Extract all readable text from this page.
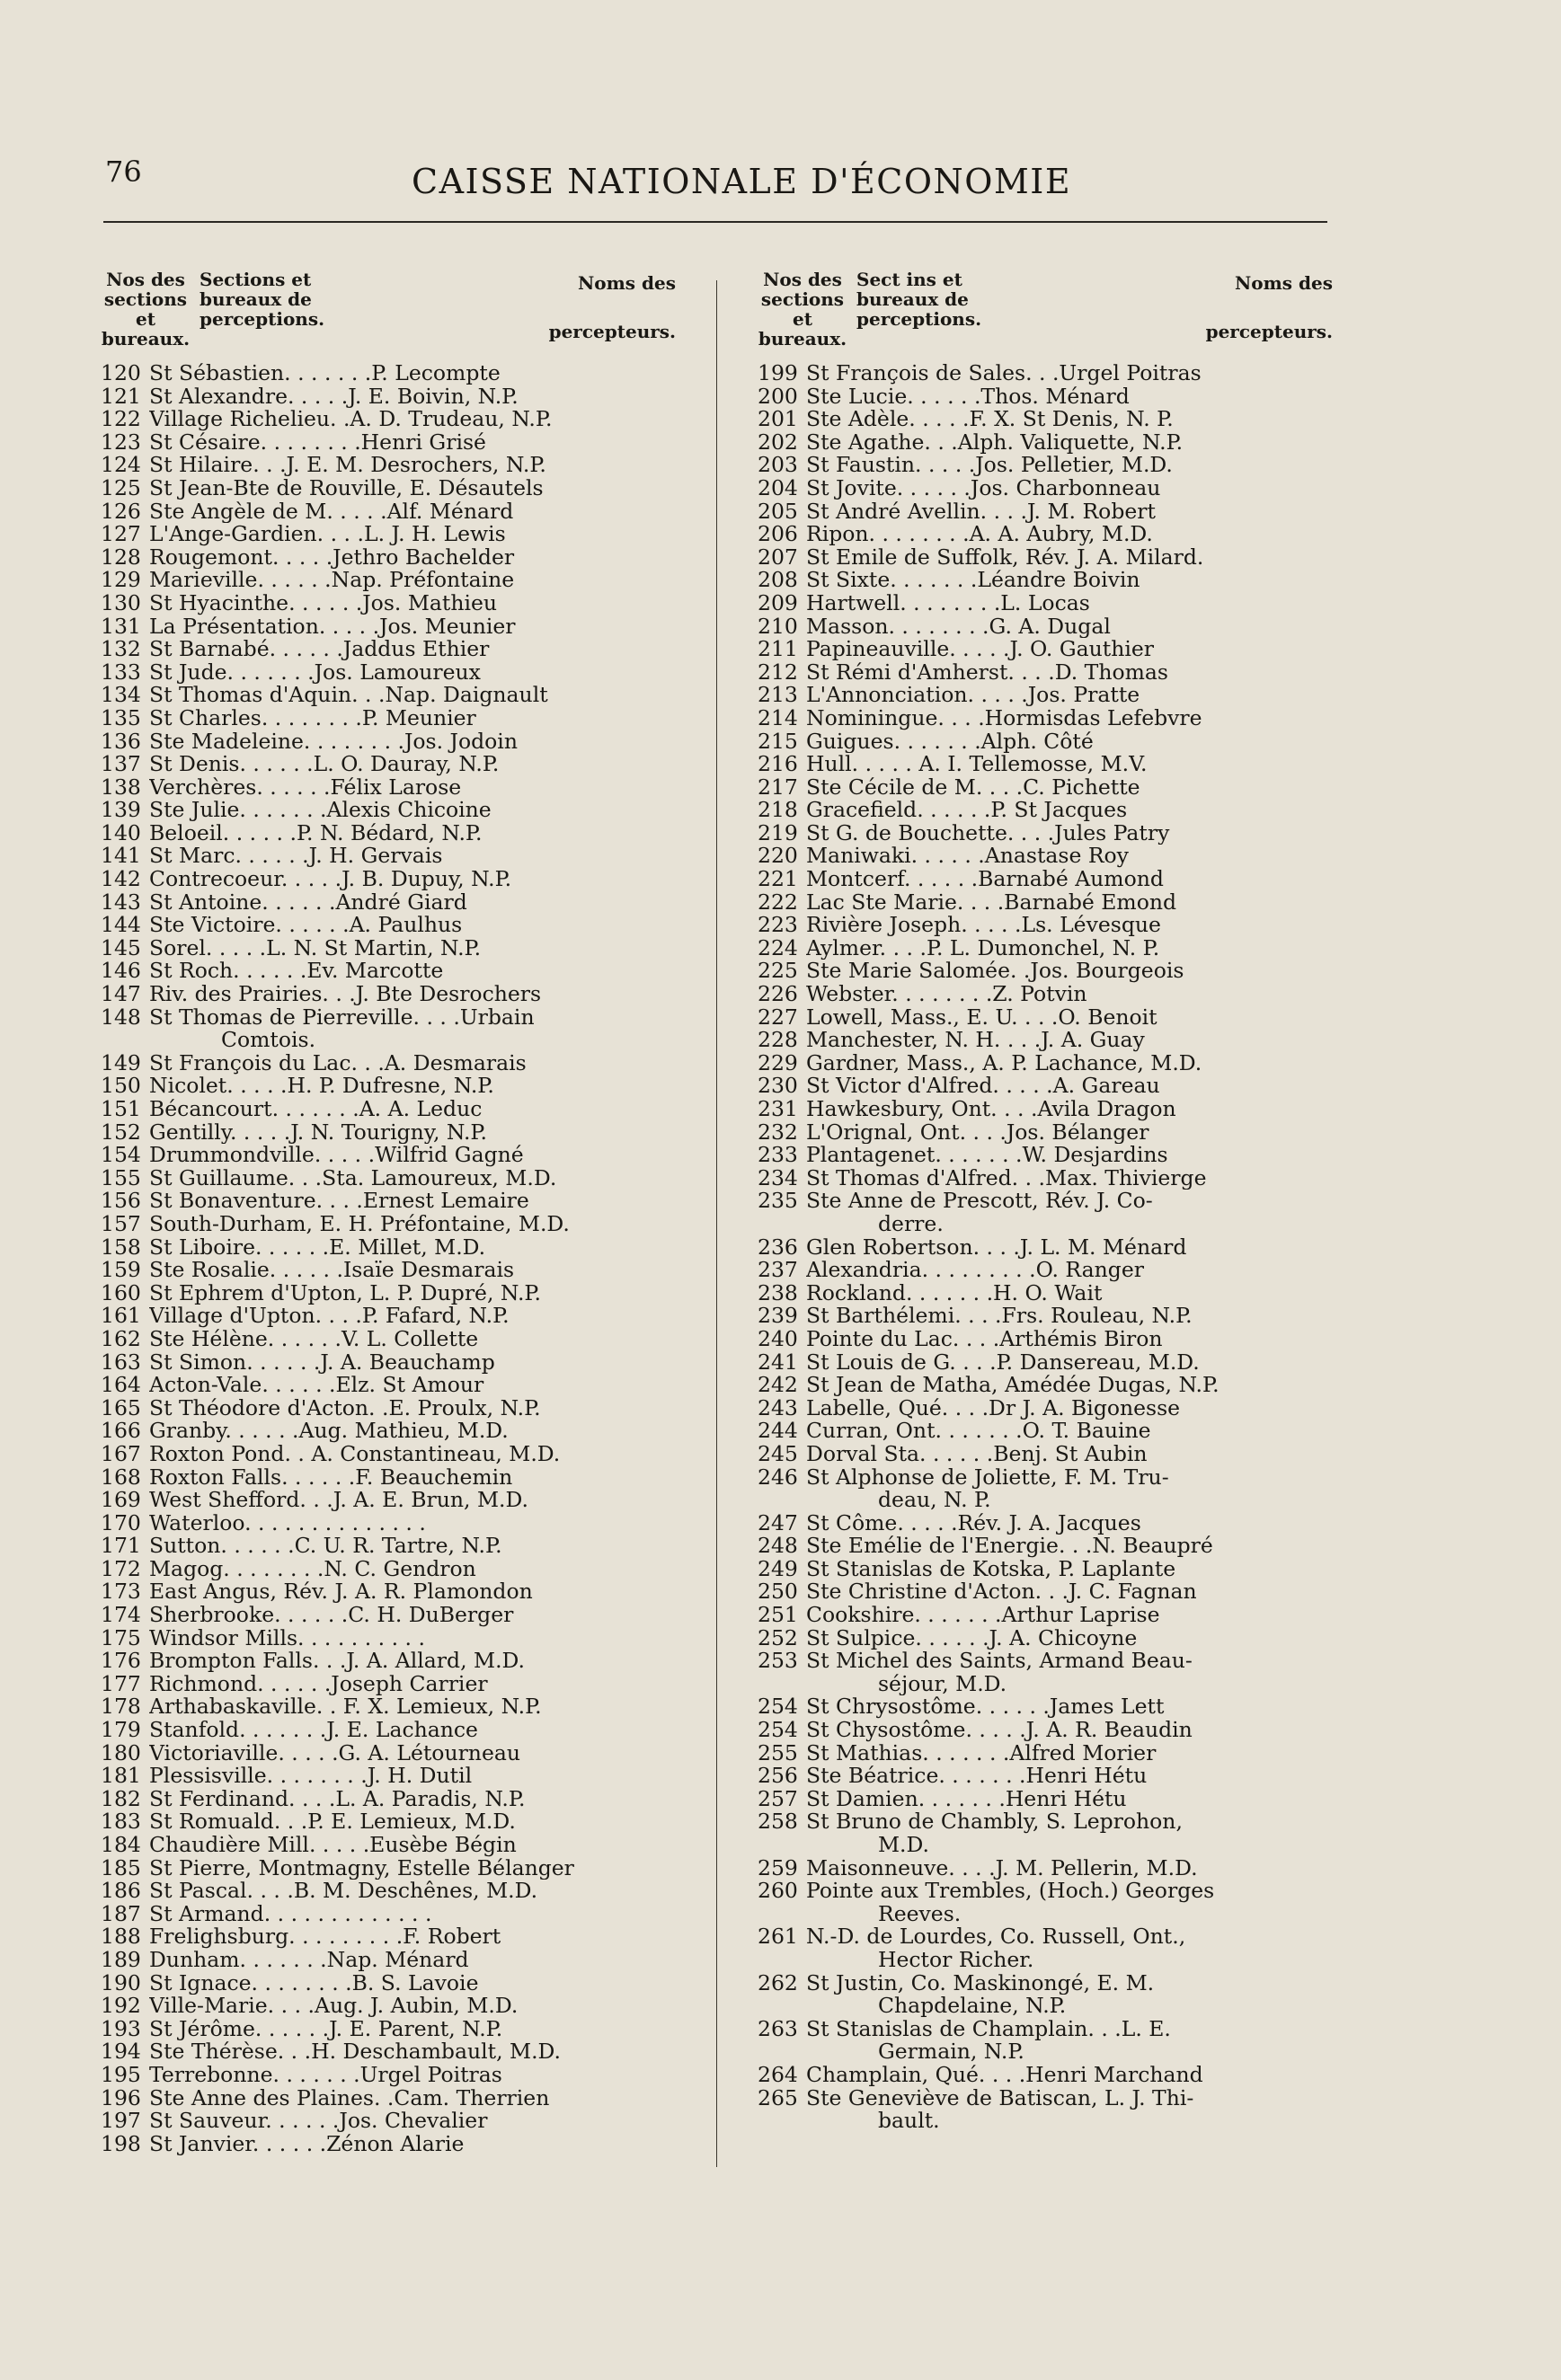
76	CAISSE NATIONALE D'ÉCONOMIE
Nos des sections et bureaux.
Sections et bureaux de perceptions.
Noms des
percepteurs.
120 St Sébastien. . . . . . .P. Lecompte
121 St Alexandre. . . . .J. E. Boivin, N.P.
122 Village Richelieu. .A. D. Trudeau, N.P.
123 St Césaire. . . . . . . .Henri Grisé
124 St Hilaire. . .J. E. M. Desrochers, N.P.
125 St Jean-Bte de Rouville, E. Désautels
126 Ste Angèle de M. . . . .Alf. Ménard
127 L'Ange-Gardien. . . .L. J. H. Lewis
128 Rougemont. . . . .Jethro Bachelder
129 Marieville. . . . . .Nap. Préfontaine
130 St Hyacinthe. . . . . .Jos. Mathieu
131 La Présentation. . . . .Jos. Meunier
132 St Barnabé. . . . . .Jaddus Ethier
133 St Jude. . . . . . .Jos. Lamoureux
134 St Thomas d'Aquin. . .Nap. Daignault
135 St Charles. . . . . . . .P. Meunier
136 Ste Madeleine. . . . . . . .Jos. Jodoin
137 St Denis. . . . . .L. O. Dauray, N.P.
138 Verchères. . . . . .Félix Larose
139 Ste Julie. . . . . . .Alexis Chicoine
140 Beloeil. . . . . .P. N. Bédard, N.P.
141 St Marc. . . . . .J. H. Gervais
142 Contrecoeur. . . . .J. B. Dupuy, N.P.
143 St Antoine. . . . . .André Giard
144 Ste Victoire. . . . . .A. Paulhus
145 Sorel. . . . .L. N. St Martin, N.P.
146 St Roch. . . . . .Ev. Marcotte
147 Riv. des Prairies. . .J. Bte Desrochers
148 St Thomas de Pierreville. . . .Urbain
Comtois.
149 St François du Lac. . .A. Desmarais
150 Nicolet. . . . .H. P. Dufresne, N.P.
151 Bécancourt. . . . . . .A. A. Leduc
152 Gentilly. . . . .J. N. Tourigny, N.P.
154 Drummondville. . . . .Wilfrid Gagné
155 St Guillaume. . .Sta. Lamoureux, M.D.
156 St Bonaventure. . . .Ernest Lemaire
157 South-Durham, E. H. Préfontaine, M.D.
158 St Liboire. . . . . .E. Millet, M.D.
159 Ste Rosalie. . . . . .Isaïe Desmarais
160 St Ephrem d'Upton, L. P. Dupré, N.P.
161 Village d'Upton. . . .P. Fafard, N.P.
162 Ste Hélène. . . . . .V. L. Collette
163 St Simon. . . . . .J. A. Beauchamp
164 Acton-Vale. . . . . .Elz. St Amour
165 St Théodore d'Acton. .E. Proulx, N.P.
166 Granby. . . . . .Aug. Mathieu, M.D.
167 Roxton Pond. . A. Constantineau, M.D.
168 Roxton Falls. . . . . .F. Beauchemin
169 West Shefford. . .J. A. E. Brun, M.D.
170 Waterloo. . . . . . . . . . . . . .
171 Sutton. . . . . .C. U. R. Tartre, N.P.
172 Magog. . . . . . . .N. C. Gendron
173 East Angus, Rév. J. A. R. Plamondon
174 Sherbrooke. . . . . .C. H. DuBerger
175 Windsor Mills. . . . . . . . . .
176 Brompton Falls. . .J. A. Allard, M.D.
177 Richmond. . . . . .Joseph Carrier
178 Arthabaskaville. . F. X. Lemieux, N.P.
179 Stanfold. . . . . . .J. E. Lachance
180 Victoriaville. . . . .G. A. Létourneau
181 Plessisville. . . . . . . .J. H. Dutil
182 St Ferdinand. . . .L. A. Paradis, N.P.
183 St Romuald. . .P. E. Lemieux, M.D.
184 Chaudière Mill. . . . .Eusèbe Bégin
185 St Pierre, Montmagny, Estelle Bélanger
186 St Pascal. . . .B. M. Deschênes, M.D.
187 St Armand. . . . . . . . . . . . .
188 Frelighsburg. . . . . . . . .F. Robert
189 Dunham. . . . . . .Nap. Ménard
190 St Ignace. . . . . . . .B. S. Lavoie
192 Ville-Marie. . . .Aug. J. Aubin, M.D.
193 St Jérôme. . . . . .J. E. Parent, N.P.
194 Ste Thérèse. . .H. Deschambault, M.D.
195 Terrebonne. . . . . . .Urgel Poitras
196 Ste Anne des Plaines. .Cam. Therrien
197 St Sauveur. . . . . .Jos. Chevalier
198 St Janvier. . . . . .Zénon Alarie
Nos des sections et bureaux.
Sect ins et bureaux de perceptions.
Noms des
percepteurs.
199 St François de Sales. . .Urgel Poitras
200 Ste Lucie. . . . . .Thos. Ménard
201 Ste Adèle. . . . .F. X. St Denis, N. P.
202 Ste Agathe. . .Alph. Valiquette, N.P.
203 St Faustin. . . . .Jos. Pelletier, M.D.
204 St Jovite. . . . . .Jos. Charbonneau
205 St André Avellin. . . .J. M. Robert
206 Ripon. . . . . . . .A. A. Aubry, M.D.
207 St Emile de Suffolk, Rév. J. A. Milard.
208 St Sixte. . . . . . .Léandre Boivin
209 Hartwell. . . . . . . .L. Locas
210 Masson. . . . . . . .G. A. Dugal
211 Papineauville. . . . .J. O. Gauthier
212 St Rémi d'Amherst. . . .D. Thomas
213 L'Annonciation. . . . .Jos. Pratte
214 Nominingue. . . .Hormisdas Lefebvre
215 Guigues. . . . . . .Alph. Côté
216 Hull. . . . . A. I. Tellemosse, M.V.
217 Ste Cécile de M. . . .C. Pichette
218 Gracefield. . . . . .P. St Jacques
219 St G. de Bouchette. . . .Jules Patry
220 Maniwaki. . . . . .Anastase Roy
221 Montcerf. . . . . .Barnabé Aumond
222 Lac Ste Marie. . . .Barnabé Emond
223 Rivière Joseph. . . . .Ls. Lévesque
224 Aylmer. . . .P. L. Dumonchel, N. P.
225 Ste Marie Salomée. .Jos. Bourgeois
226 Webster. . . . . . . .Z. Potvin
227 Lowell, Mass., E. U. . . .O. Benoit
228 Manchester, N. H. . . .J. A. Guay
229 Gardner, Mass., A. P. Lachance, M.D.
230 St Victor d'Alfred. . . . .A. Gareau
231 Hawkesbury, Ont. . . .Avila Dragon
232 L'Orignal, Ont. . . .Jos. Bélanger
233 Plantagenet. . . . . . .W. Desjardins
234 St Thomas d'Alfred. . .Max. Thivierge
235 Ste Anne de Prescott, Rév. J. Co-
derre.
236 Glen Robertson. . . .J. L. M. Ménard
237 Alexandria. . . . . . . . .O. Ranger
238 Rockland. . . . . . .H. O. Wait
239 St Barthélemi. . . .Frs. Rouleau, N.P.
240 Pointe du Lac. . . .Arthémis Biron
241 St Louis de G. . . .P. Dansereau, M.D.
242 St Jean de Matha, Amédée Dugas, N.P.
243 Labelle, Qué. . . .Dr J. A. Bigonesse
244 Curran, Ont. . . . . . .O. T. Bauine
245 Dorval Sta. . . . . .Benj. St Aubin
246 St Alphonse de Joliette, F. M. Tru-
deau, N. P.
247 St Côme. . . . .Rév. J. A. Jacques
248 Ste Emélie de l'Energie. . .N. Beaupré
249 St Stanislas de Kotska, P. Laplante
250 Ste Christine d'Acton. . .J. C. Fagnan
251 Cookshire. . . . . . .Arthur Laprise
252 St Sulpice. . . . . .J. A. Chicoyne
253 St Michel des Saints, Armand Beau-
séjour, M.D.
254 St Chrysostôme. . . . . .James Lett
254 St Chysostôme. . . . .J. A. R. Beaudin
255 St Mathias. . . . . . .Alfred Morier
256 Ste Béatrice. . . . . . .Henri Hétu
257 St Damien. . . . . . .Henri Hétu
258 St Bruno de Chambly, S. Leprohon,
M.D.
259 Maisonneuve. . . .J. M. Pellerin, M.D.
260 Pointe aux Trembles, (Hoch.) Georges
Reeves.
261 N.-D. de Lourdes, Co. Russell, Ont.,
Hector Richer.
262 St Justin, Co. Maskinongé, E. M.
Chapdelaine, N.P.
263 St Stanislas de Champlain. . .L. E.
Germain, N.P.
264 Champlain, Qué. . . .Henri Marchand
265 Ste Geneviève de Batiscan, L. J. Thi-
bault.
